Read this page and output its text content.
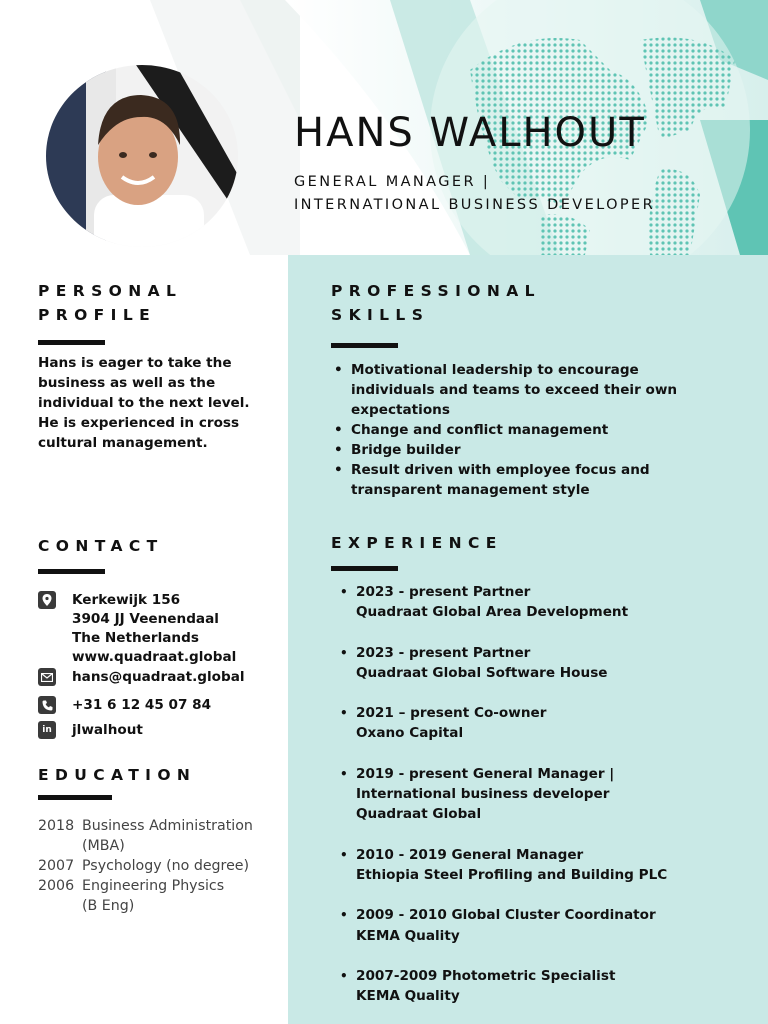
HANS WALHOUT
GENERAL MANAGER |
INTERNATIONAL BUSINESS DEVELOPER
PERSONAL
PROFILE
Hans is eager to take the
business as well as the
individual to the next level.
He is experienced in cross
cultural management.
PROFESSIONAL
SKILLS
• Motivational leadership to encourage
individuals and teams to exceed their own
expectations
• Change and conflict management
• Bridge builder
• Result driven with employee focus and
transparent management style
CONTACT
Kerkewijk 156
3904 JJ Veenendaal
The Netherlands
www.quadraat.global
hans@quadraat.global
+31 6 12 45 07 84
in jlwalhout
EDUCATION
2018 Business Administration
(MBA)
2007 Psychology (no degree)
2006 Engineering Physics
(B Eng)
EXPERIENCE
• 2023 - present Partner
Quadraat Global Area Development
• 2023 - present Partner
Quadraat Global Software House
• 2021 – present Co-owner
Oxano Capital
• 2019 - present General Manager |
International business developer
Quadraat Global
• 2010 - 2019 General Manager
Ethiopia Steel Profiling and Building PLC
• 2009 - 2010 Global Cluster Coordinator
KEMA Quality
• 2007-2009 Photometric Specialist
KEMA Quality
